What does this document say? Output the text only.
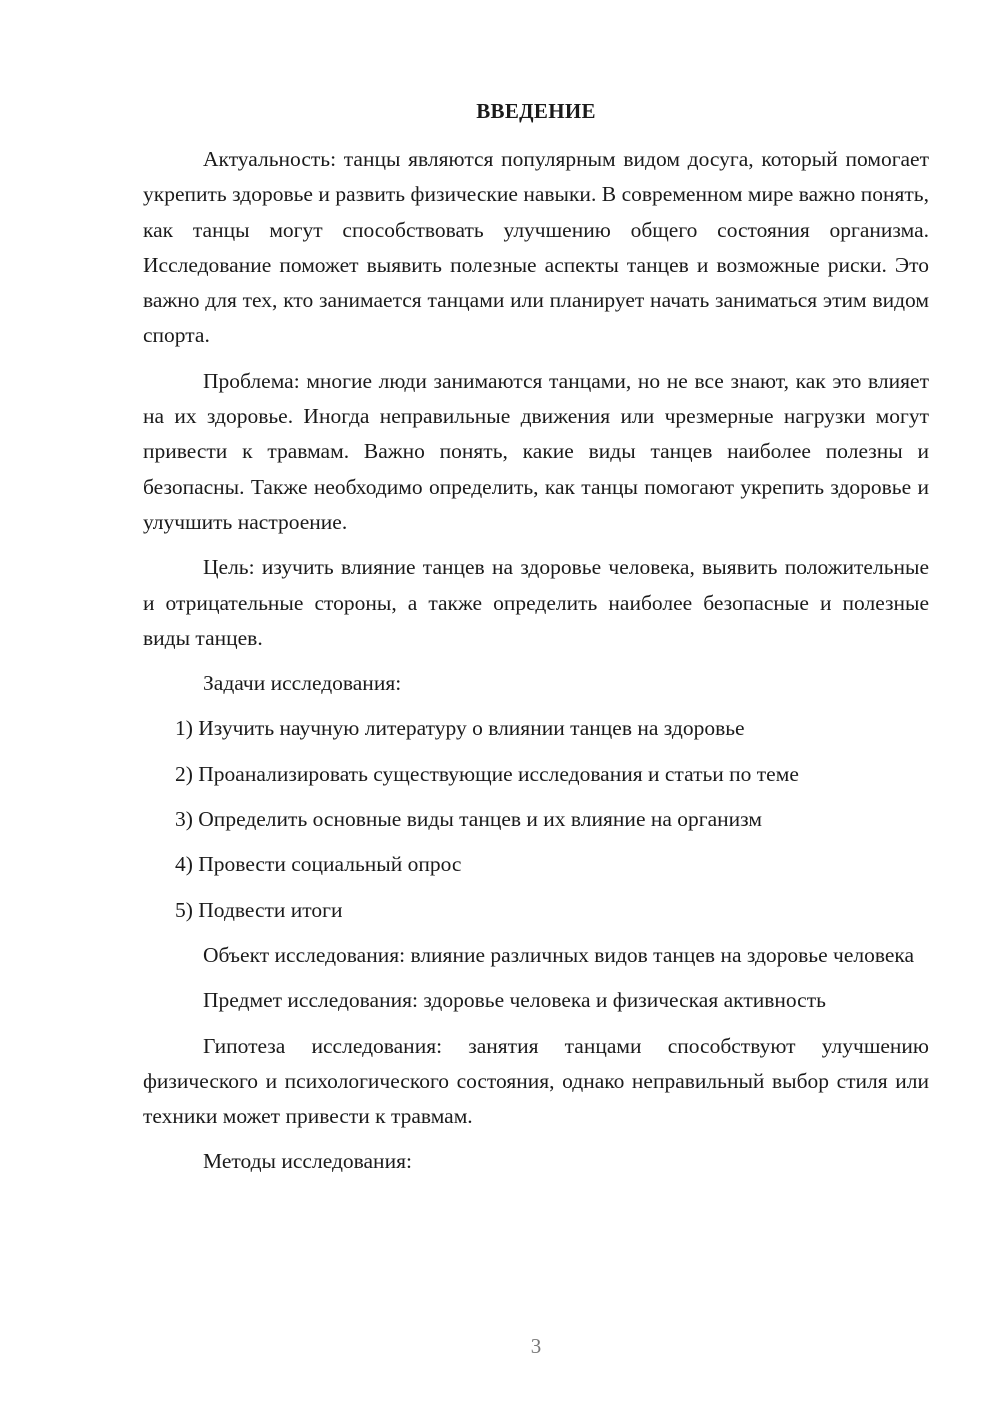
ВВЕДЕНИЕ

Актуальность: танцы являются популярным видом досуга, который помогает укрепить здоровье и развить физические навыки. В современном мире важно понять, как танцы могут способствовать улучшению общего состояния организма. Исследование поможет выявить полезные аспекты танцев и возможные риски. Это важно для тех, кто занимается танцами или планирует начать заниматься этим видом спорта.

Проблема: многие люди занимаются танцами, но не все знают, как это влияет на их здоровье. Иногда неправильные движения или чрезмерные нагрузки могут привести к травмам. Важно понять, какие виды танцев наиболее полезны и безопасны. Также необходимо определить, как танцы помогают укрепить здоровье и улучшить настроение.

Цель: изучить влияние танцев на здоровье человека, выявить положительные и отрицательные стороны, а также определить наиболее безопасные и полезные виды танцев.

Задачи исследования:

1) Изучить научную литературу о влиянии танцев на здоровье

2) Проанализировать существующие исследования и статьи по теме

3) Определить основные виды танцев и их влияние на организм

4) Провести социальный опрос

5) Подвести итоги

Объект исследования: влияние различных видов танцев на здоровье человека

Предмет исследования: здоровье человека и физическая активность

Гипотеза исследования: занятия танцами способствуют улучшению физического и психологического состояния, однако неправильный выбор стиля или техники может привести к травмам.

Методы исследования:

3
